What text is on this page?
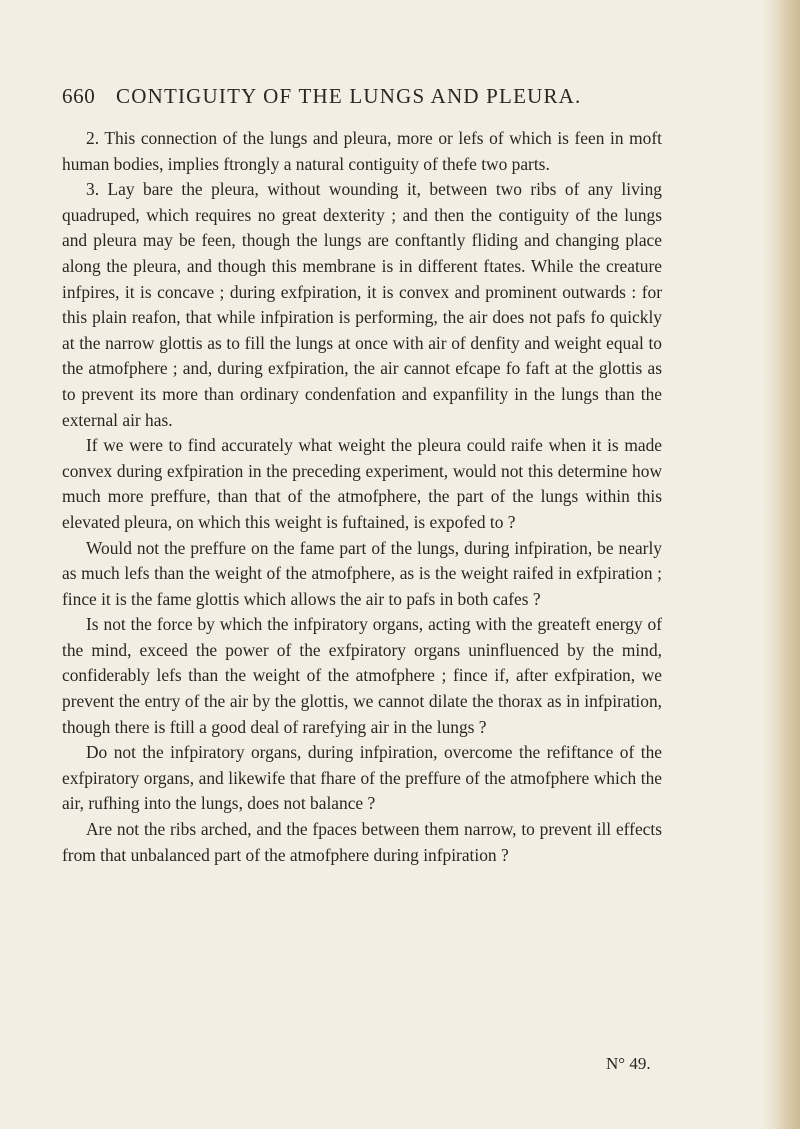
660 CONTIGUITY OF THE LUNGS AND PLEURA.

2. This connection of the lungs and pleura, more or lefs of which is feen in moft human bodies, implies ftrongly a natural contiguity of thefe two parts.

3. Lay bare the pleura, without wounding it, between two ribs of any living quadruped, which requires no great dexterity ; and then the contiguity of the lungs and pleura may be feen, though the lungs are conftantly fliding and changing place along the pleura, and though this membrane is in different ftates. While the creature infpires, it is concave ; during exfpiration, it is convex and prominent outwards : for this plain reafon, that while infpiration is performing, the air does not pafs fo quickly at the narrow glottis as to fill the lungs at once with air of denfity and weight equal to the atmofphere ; and, during exfpiration, the air cannot efcape fo faft at the glottis as to prevent its more than ordinary condenfation and expanfility in the lungs than the external air has.

If we were to find accurately what weight the pleura could raife when it is made convex during exfpiration in the preceding experiment, would not this determine how much more preffure, than that of the atmofphere, the part of the lungs within this elevated pleura, on which this weight is fuftained, is expofed to ?

Would not the preffure on the fame part of the lungs, during infpiration, be nearly as much lefs than the weight of the atmofphere, as is the weight raifed in exfpiration ; fince it is the fame glottis which allows the air to pafs in both cafes ?

Is not the force by which the infpiratory organs, acting with the greateft energy of the mind, exceed the power of the exfpiratory organs uninfluenced by the mind, confiderably lefs than the weight of the atmofphere ; fince if, after exfpiration, we prevent the entry of the air by the glottis, we cannot dilate the thorax as in infpiration, though there is ftill a good deal of rarefying air in the lungs ?

Do not the infpiratory organs, during infpiration, overcome the refiftance of the exfpiratory organs, and likewife that fhare of the preffure of the atmofphere which the air, rufhing into the lungs, does not balance ?

Are not the ribs arched, and the fpaces between them narrow, to prevent ill effects from that unbalanced part of the atmofphere during infpiration ?

N° 49.
